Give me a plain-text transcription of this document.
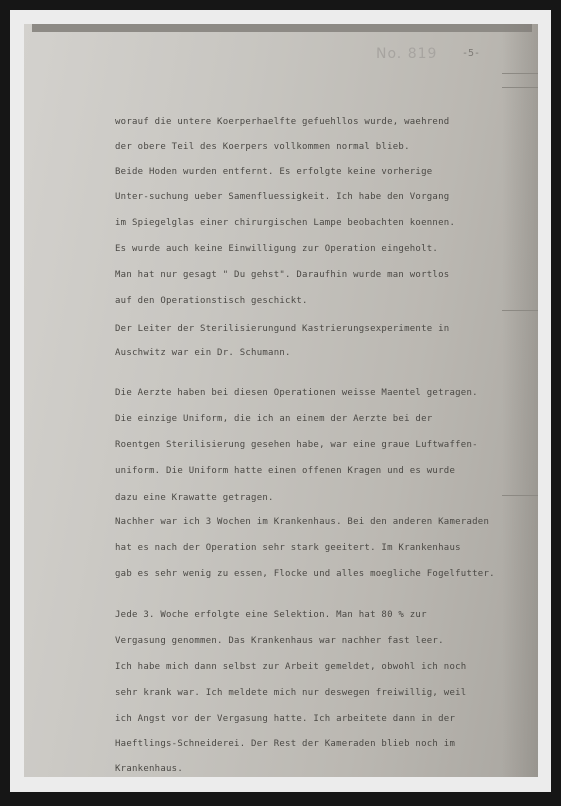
No. 819 -5-
worauf die untere Koerperhaelfte gefuehllos wurde, waehrend
der obere Teil des Koerpers vollkommen normal blieb.
Beide Hoden wurden entfernt. Es erfolgte keine vorherige
Unter-suchung ueber Samenfluessigkeit. Ich habe den Vorgang
im Spiegelglas einer chirurgischen Lampe beobachten koennen.
Es wurde auch keine Einwilligung zur Operation eingeholt.
Man hat nur gesagt " Du gehst". Daraufhin wurde man wortlos
auf den Operationstisch geschickt.
Der Leiter der Sterilisierungund Kastrierungsexperimente in
Auschwitz war ein Dr. Schumann.
Die Aerzte haben bei diesen Operationen weisse Maentel getragen.
Die einzige Uniform, die ich an einem der Aerzte bei der
Roentgen Sterilisierung gesehen habe, war eine graue Luftwaffen-
uniform. Die Uniform hatte einen offenen Kragen und es wurde
dazu eine Krawatte getragen.
Nachher war ich 3 Wochen im Krankenhaus. Bei den anderen Kameraden
hat es nach der Operation sehr stark geeitert. Im Krankenhaus
gab es sehr wenig zu essen, Flocke und alles moegliche Fogelfutter.
Jede 3. Woche erfolgte eine Selektion. Man hat 80 % zur
Vergasung genommen. Das Krankenhaus war nachher fast leer.
Ich habe mich dann selbst zur Arbeit gemeldet, obwohl ich noch
sehr krank war. Ich meldete mich nur deswegen freiwillig, weil
ich Angst vor der Vergasung hatte. Ich arbeitete dann in der
Haeftlings-Schneiderei. Der Rest der Kameraden blieb noch im
Krankenhaus.
